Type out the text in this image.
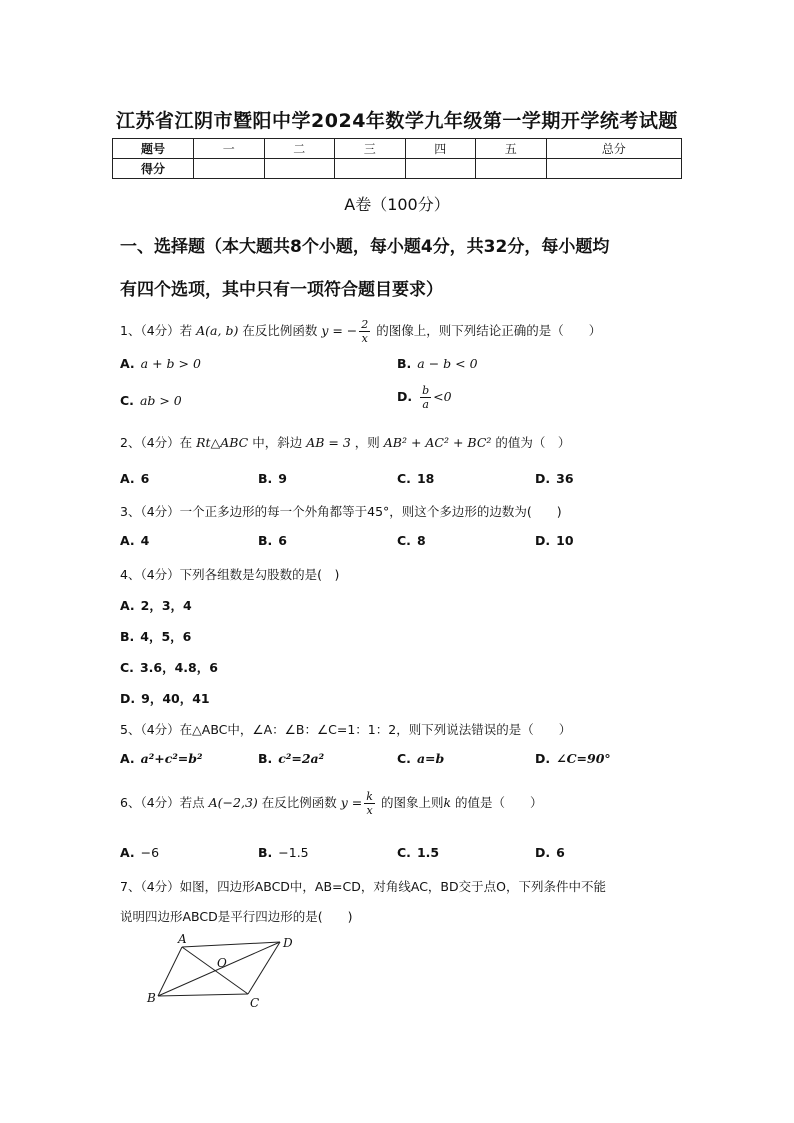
江苏省江阴市暨阳中学2024年数学九年级第一学期开学统考试题
题号	一	二	三	四	五	总分
得分						
A卷（100分）
一、选择题（本大题共8个小题，每小题4分，共32分，每小题均
有四个选项，其中只有一项符合题目要求）
1、（4分）若 A(a, b) 在反比例函数 y = − $\frac{2}{x}$ 的图像上，则下列结论正确的是（　　）
A. a + b > 0	B. a − b < 0
C. ab > 0	D. $\frac{b}{a} <0$
2、（4分）在 Rt△ABC 中，斜边 AB = 3 ，则 AB² + AC² + BC² 的值为（　）
A. 6	B. 9	C. 18	D. 36
3、（4分）一个正多边形的每一个外角都等于45°，则这个多边形的边数为(　　)
A. 4	B. 6	C. 8	D. 10
4、（4分）下列各组数是勾股数的是(　)
A. 2，3，4
B. 4，5，6
C. 3.6，4.8，6
D. 9，40，41
5、（4分）在△ABC中，∠A：∠B：∠C=1：1：2，则下列说法错误的是（　　）
A. a²+c²=b²	B. c²=2a²	C. a=b	D. ∠C=90°
6、（4分）若点 A(−2,3) 在反比例函数 $y = \frac{k}{x}$ 的图象上则k 的值是（　　）
A. −6	B. −1.5	C. 1.5	D. 6
7、（4分）如图，四边形ABCD中，AB=CD，对角线AC，BD交于点O，下列条件中不能
说明四边形ABCD是平行四边形的是(　　)
A
B	C
D
O
